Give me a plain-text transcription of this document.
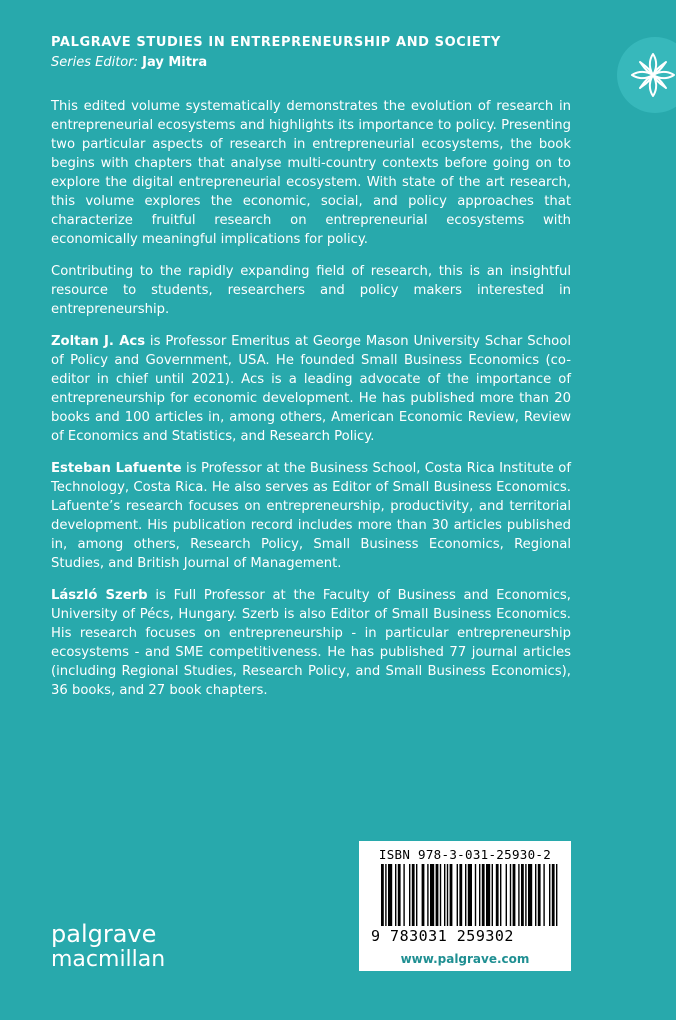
PALGRAVE STUDIES IN ENTREPRENEURSHIP AND SOCIETY
Series Editor: Jay Mitra

This edited volume systematically demonstrates the evolution of research in entrepreneurial ecosystems and highlights its importance to policy. Presenting two particular aspects of research in entrepreneurial ecosystems, the book begins with chapters that analyse multi-country contexts before going on to explore the digital entrepreneurial ecosystem. With state of the art research, this volume explores the economic, social, and policy approaches that characterize fruitful research on entrepreneurial ecosystems with economically meaningful implications for policy.

Contributing to the rapidly expanding field of research, this is an insightful resource to students, researchers and policy makers interested in entrepreneurship.

Zoltan J. Acs is Professor Emeritus at George Mason University Schar School of Policy and Government, USA. He founded Small Business Economics (co-editor in chief until 2021). Acs is a leading advocate of the importance of entrepreneurship for economic development. He has published more than 20 books and 100 articles in, among others, American Economic Review, Review of Economics and Statistics, and Research Policy.

Esteban Lafuente is Professor at the Business School, Costa Rica Institute of Technology, Costa Rica. He also serves as Editor of Small Business Economics. Lafuente’s research focuses on entrepreneurship, productivity, and territorial development. His publication record includes more than 30 articles published in, among others, Research Policy, Small Business Economics, Regional Studies, and British Journal of Management.

László Szerb is Full Professor at the Faculty of Business and Economics, University of Pécs, Hungary. Szerb is also Editor of Small Business Economics. His research focuses on entrepreneurship - in particular entrepreneurship ecosystems - and SME competitiveness. He has published 77 journal articles (including Regional Studies, Research Policy, and Small Business Economics), 36 books, and 27 book chapters.

ISBN 978-3-031-25930-2
9 783031 259302
www.palgrave.com
palgrave
macmillan
